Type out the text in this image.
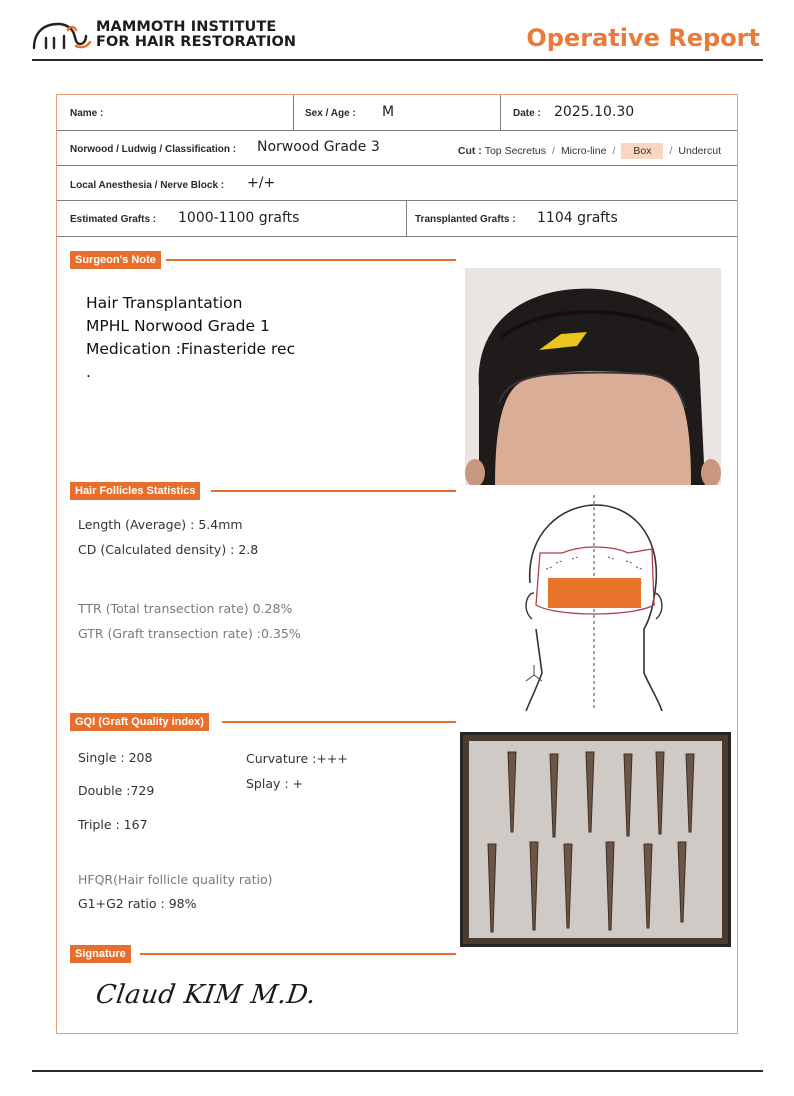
MAMMOTH INSTITUTE
FOR HAIR RESTORATION	Operative Report
Name :	Sex / Age : M	Date : 2025.10.30
Norwood / Ludwig / Classification : Norwood Grade 3	Cut : Top Secretus / Micro-line / Box / Undercut
Local Anesthesia / Nerve Block : +/+
Estimated Grafts : 1000-1100 grafts	Transplanted Grafts : 1104 grafts
Surgeon's Note
Hair Transplantation
MPHL Norwood Grade 1
Medication :Finasteride rec
.
Hair Follicles Statistics
Length (Average) : 5.4mm
CD (Calculated density) : 2.8
TTR (Total transection rate) 0.28%
GTR (Graft transection rate) :0.35%
GQI (Graft Quality index)
Single : 208
Double :729
Triple : 167
Curvature :+++
Splay : +
HFQR(Hair follicle quality ratio)
G1+G2 ratio : 98%
Signature
Claud KIM M.D.
